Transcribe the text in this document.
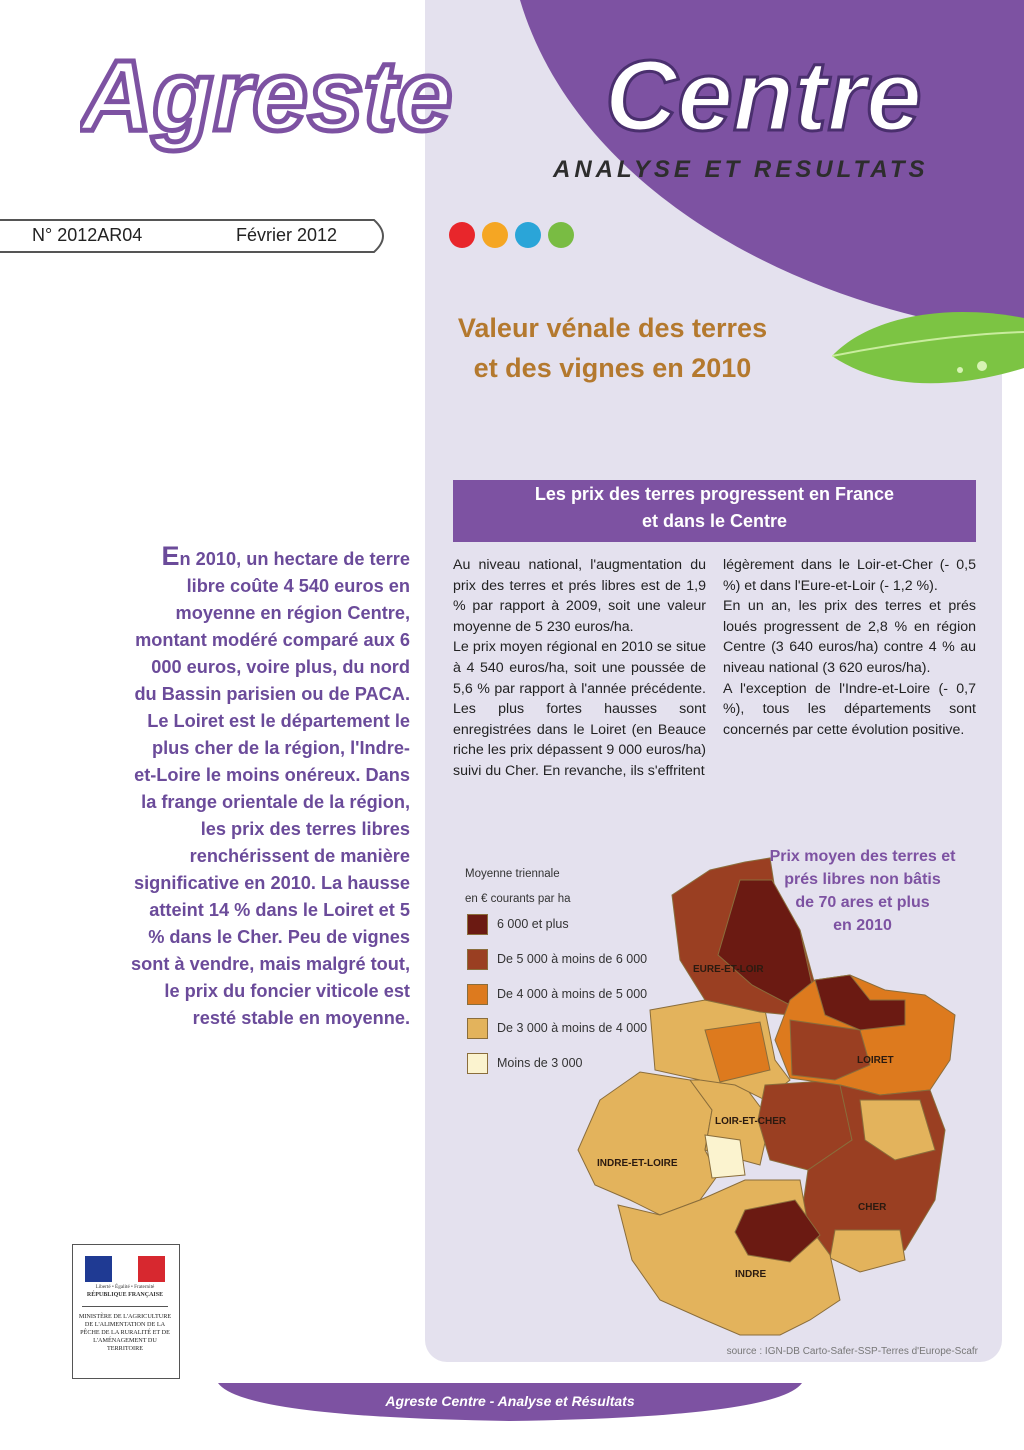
Agreste Centre
ANALYSE ET RESULTATS
N° 2012AR04	Février 2012
Valeur vénale des terres
et des vignes en 2010
Les prix des terres progressent en France
et dans le Centre
En 2010, un hectare de terre libre coûte 4 540 euros en moyenne en région Centre, montant modéré comparé aux 6 000 euros, voire plus, du nord du Bassin parisien ou de PACA. Le Loiret est le département le plus cher de la région, l'Indre-et-Loire le moins onéreux. Dans la frange orientale de la région, les prix des terres libres renchérissent de manière significative en 2010. La hausse atteint 14 % dans le Loiret et 5 % dans le Cher. Peu de vignes sont à vendre, mais malgré tout, le prix du foncier viticole est resté stable en moyenne.

Au niveau national, l'augmentation du prix des terres et prés libres est de 1,9 % par rapport à 2009, soit une valeur moyenne de 5 230 euros/ha.

Le prix moyen régional en 2010 se situe à 4 540 euros/ha, soit une poussée de 5,6 % par rapport à l'année précédente. Les plus fortes hausses sont enregistrées dans le Loiret (en Beauce riche les prix dépassent 9 000 euros/ha) suivi du Cher. En revanche, ils s'effritent

légèrement dans le Loir-et-Cher (- 0,5 %) et dans l'Eure-et-Loir (- 1,2 %).

En un an, les prix des terres et prés loués progressent de 2,8 % en région Centre (3 640 euros/ha) contre 4 % au niveau national (3 620 euros/ha).

A l'exception de l'Indre-et-Loire (- 0,7 %), tous les départements sont concernés par cette évolution positive.

Moyenne triennale
en € courants par ha
6 000 et plus
De 5 000 à moins de 6 000
De 4 000 à moins de 5 000
De 3 000 à moins de 4 000
Moins de 3 000
EURE-ET-LOIR
LOIRET
LOIR-ET-CHER
INDRE-ET-LOIRE
CHER
INDRE
Prix moyen des terres et
prés libres non bâtis
de 70 ares et plus
en 2010
source : IGN-DB Carto-Safer-SSP-Terres d'Europe-Scafr
Agreste Centre - Analyse et Résultats
Liberté • Égalité • Fraternité
RÉPUBLIQUE FRANÇAISE
MINISTÈRE DE L'AGRICULTURE DE L'ALIMENTATION DE LA PÊCHE DE LA RURALITÉ ET DE L'AMÉNAGEMENT DU TERRITOIRE
